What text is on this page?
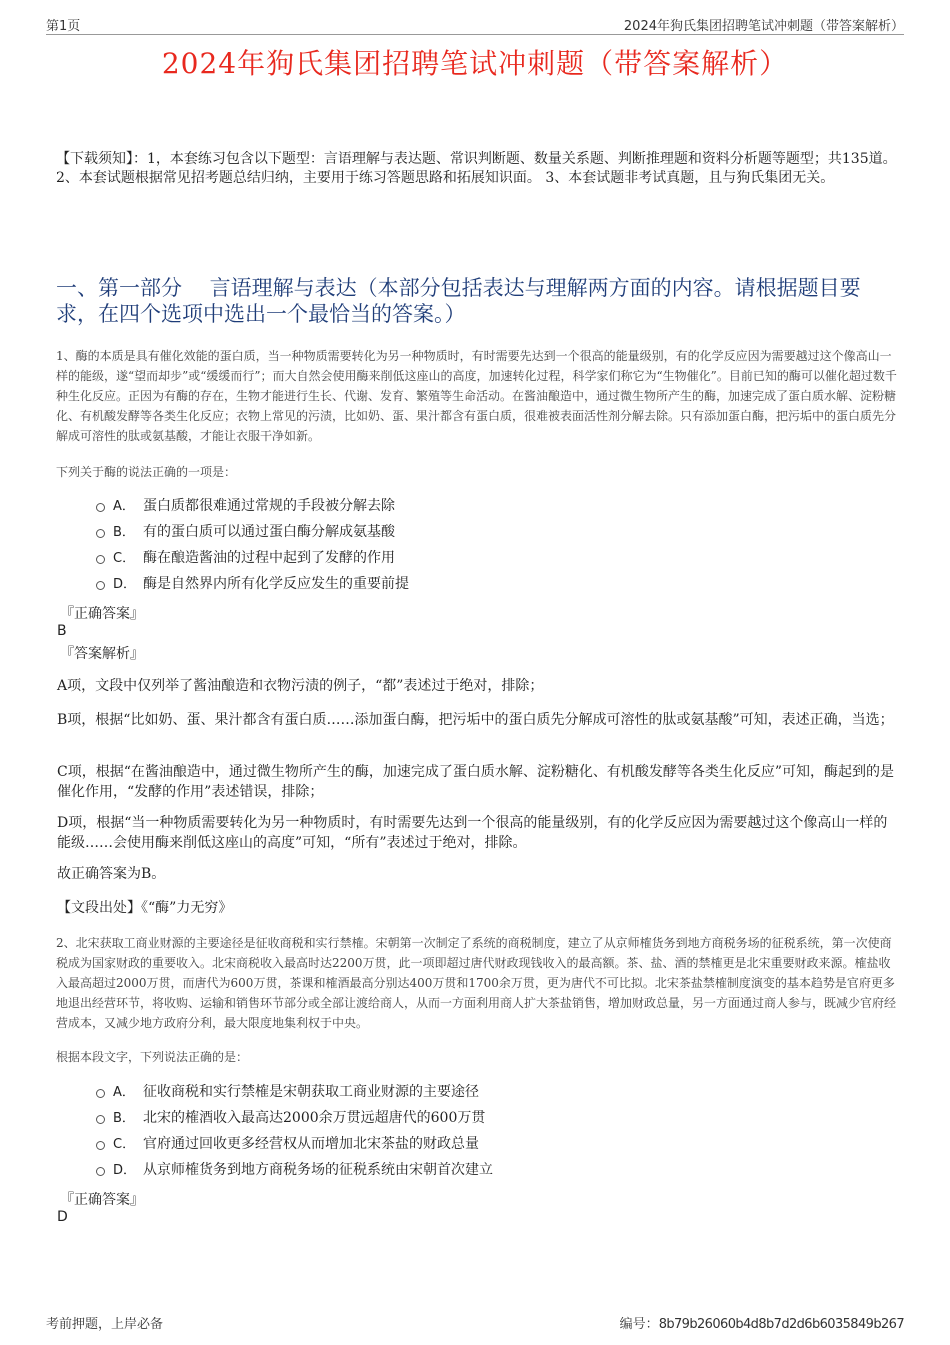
第1页	2024年狗氏集团招聘笔试冲刺题（带答案解析）
2024年狗氏集团招聘笔试冲刺题（带答案解析）
【下载须知】：1，本套练习包含以下题型：言语理解与表达题、常识判断题、数量关系题、判断推理题和资料分析题等题型；共135道。 2、本套试题根据常见招考题总结归纳，主要用于练习答题思路和拓展知识面。 3、本套试题非考试真题，且与狗氏集团无关。
一、第一部分　 言语理解与表达（本部分包括表达与理解两方面的内容。请根据题目要求，在四个选项中选出一个最恰当的答案。）
1、酶的本质是具有催化效能的蛋白质，当一种物质需要转化为另一种物质时，有时需要先达到一个很高的能量级别，有的化学反应因为需要越过这个像高山一样的能级，遂“望而却步”或“缓缓而行”；而大自然会使用酶来削低这座山的高度，加速转化过程，科学家们称它为“生物催化”。目前已知的酶可以催化超过数千种生化反应。正因为有酶的存在，生物才能进行生长、代谢、发育、繁殖等生命活动。在酱油酿造中，通过微生物所产生的酶，加速完成了蛋白质水解、淀粉糖化、有机酸发酵等各类生化反应；衣物上常见的污渍，比如奶、蛋、果汁都含有蛋白质，很难被表面活性剂分解去除。只有添加蛋白酶，把污垢中的蛋白质先分解成可溶性的肽或氨基酸，才能让衣服干净如新。
下列关于酶的说法正确的一项是：
A． 蛋白质都很难通过常规的手段被分解去除
B． 有的蛋白质可以通过蛋白酶分解成氨基酸
C． 酶在酿造酱油的过程中起到了发酵的作用
D． 酶是自然界内所有化学反应发生的重要前提
『正确答案』
B
『答案解析』
A项，文段中仅列举了酱油酿造和衣物污渍的例子，“都”表述过于绝对，排除；
B项，根据“比如奶、蛋、果汁都含有蛋白质……添加蛋白酶，把污垢中的蛋白质先分解成可溶性的肽或氨基酸”可知，表述正确，当选；
C项，根据“在酱油酿造中，通过微生物所产生的酶，加速完成了蛋白质水解、淀粉糖化、有机酸发酵等各类生化反应”可知，酶起到的是催化作用，“发酵的作用”表述错误，排除；
D项，根据“当一种物质需要转化为另一种物质时，有时需要先达到一个很高的能量级别，有的化学反应因为需要越过这个像高山一样的能级……会使用酶来削低这座山的高度”可知，“所有”表述过于绝对，排除。
故正确答案为B。
【文段出处】《“酶”力无穷》
2、北宋获取工商业财源的主要途径是征收商税和实行禁榷。宋朝第一次制定了系统的商税制度，建立了从京师榷货务到地方商税务场的征税系统，第一次使商税成为国家财政的重要收入。北宋商税收入最高时达2200万贯，此一项即超过唐代财政现钱收入的最高额。茶、盐、酒的禁榷更是北宋重要财政来源。榷盐收入最高超过2000万贯，而唐代为600万贯，茶课和榷酒最高分别达400万贯和1700余万贯，更为唐代不可比拟。北宋茶盐禁榷制度演变的基本趋势是官府更多地退出经营环节，将收购、运输和销售环节部分或全部让渡给商人，从而一方面利用商人扩大茶盐销售，增加财政总量，另一方面通过商人参与，既减少官府经营成本，又减少地方政府分利，最大限度地集利权于中央。
根据本段文字，下列说法正确的是：
A． 征收商税和实行禁榷是宋朝获取工商业财源的主要途径
B． 北宋的榷酒收入最高达2000余万贯远超唐代的600万贯
C． 官府通过回收更多经营权从而增加北宋茶盐的财政总量
D． 从京师榷货务到地方商税务场的征税系统由宋朝首次建立
『正确答案』
D
考前押题，上岸必备	编号：8b79b26060b4d8b7d2d6b6035849b267
